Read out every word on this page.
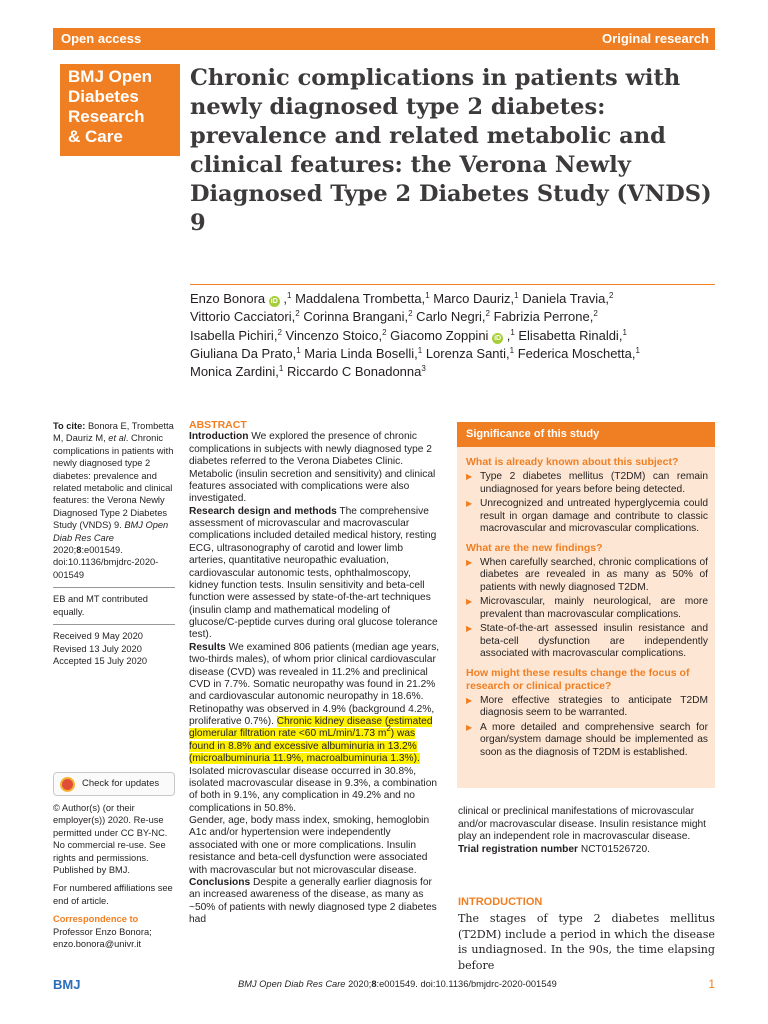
Open access	Original research
BMJ Open
Diabetes
Research
& Care
Chronic complications in patients with newly diagnosed type 2 diabetes: prevalence and related metabolic and clinical features: the Verona Newly Diagnosed Type 2 Diabetes Study (VNDS) 9
Enzo Bonora iD ,$^1$ Maddalena Trombetta,$^1$ Marco Dauriz,$^1$ Daniela Travia,$^2$
Vittorio Cacciatori,$^2$ Corinna Brangani,$^2$ Carlo Negri,$^2$ Fabrizia Perrone,$^2$
Isabella Pichiri,$^2$ Vincenzo Stoico,$^2$ Giacomo Zoppini iD ,$^1$ Elisabetta Rinaldi,$^1$
Giuliana Da Prato,$^1$ Maria Linda Boselli,$^1$ Lorenza Santi,$^1$ Federica Moschetta,$^1$
Monica Zardini,$^1$ Riccardo C Bonadonna$^3$

To cite: Bonora E, Trombetta M, Dauriz M, et al. Chronic complications in patients with newly diagnosed type 2 diabetes: prevalence and related metabolic and clinical features: the Verona Newly Diagnosed Type 2 Diabetes Study (VNDS) 9. BMJ Open Diab Res Care 2020;8:e001549. doi:10.1136/bmjdrc-2020-001549

EB and MT contributed equally.

Received 9 May 2020

Revised 13 July 2020

Accepted 15 July 2020

Check for updates

© Author(s) (or their employer(s)) 2020. Re-use permitted under CC BY-NC. No commercial re-use. See rights and permissions. Published by BMJ.

For numbered affiliations see end of article.

Correspondence to

Professor Enzo Bonora;

enzo.bonora@univr.it

ABSTRACT

Introduction We explored the presence of chronic complications in subjects with newly diagnosed type 2 diabetes referred to the Verona Diabetes Clinic. Metabolic (insulin secretion and sensitivity) and clinical features associated with complications were also investigated.

Research design and methods The comprehensive assessment of microvascular and macrovascular complications included detailed medical history, resting ECG, ultrasonography of carotid and lower limb arteries, quantitative neuropathic evaluation, cardiovascular autonomic tests, ophthalmoscopy, kidney function tests. Insulin sensitivity and beta-cell function were assessed by state-of-the-art techniques (insulin clamp and mathematical modeling of glucose/C-peptide curves during oral glucose tolerance test).

Results We examined 806 patients (median age years, two-thirds males), of whom prior clinical cardiovascular disease (CVD) was revealed in 11.2% and preclinical CVD in 7.7%. Somatic neuropathy was found in 21.2% and cardiovascular autonomic neuropathy in 18.6%. Retinopathy was observed in 4.9% (background 4.2%, proliferative 0.7%). Chronic kidney disease (estimated glomerular filtration rate <60 mL/min/1.73 $m^2$) was found in 8.8% and excessive albuminuria in 13.2% (microalbuminuria 11.9%, macroalbuminuria 1.3%). Isolated microvascular disease occurred in 30.8%, isolated macrovascular disease in 9.3%, a combination of both in 9.1%, any complication in 49.2% and no complications in 50.8%.

Gender, age, body mass index, smoking, hemoglobin A1c and/or hypertension were independently associated with one or more complications. Insulin resistance and beta-cell dysfunction were associated with macrovascular but not microvascular disease.

Conclusions Despite a generally earlier diagnosis for an increased awareness of the disease, as many as ~50% of patients with newly diagnosed type 2 diabetes had

Significance of this study
What is already known about this subject?
▶ Type 2 diabetes mellitus (T2DM) can remain undiagnosed for years before being detected.
▶ Unrecognized and untreated hyperglycemia could result in organ damage and contribute to classic macrovascular and microvascular complications.
What are the new findings?
▶ When carefully searched, chronic complications of diabetes are revealed in as many as 50% of patients with newly diagnosed T2DM.
▶ Microvascular, mainly neurological, are more prevalent than macrovascular complications.
▶ State-of-the-art assessed insulin resistance and beta-cell dysfunction are independently associated with macrovascular complications.
How might these results change the focus of research or clinical practice?
▶ More effective strategies to anticipate T2DM diagnosis seem to be warranted.
▶ A more detailed and comprehensive search for organ/system damage should be implemented as soon as the diagnosis of T2DM is established.

clinical or preclinical manifestations of microvascular and/or macrovascular disease. Insulin resistance might play an independent role in macrovascular disease.

Trial registration number NCT01526720.

INTRODUCTION

The stages of type 2 diabetes mellitus (T2DM) include a period in which the disease is undiagnosed. In the 90s, the time elapsing before

BMJ	BMJ Open Diab Res Care 2020;8:e001549. doi:10.1136/bmjdrc-2020-001549	1
